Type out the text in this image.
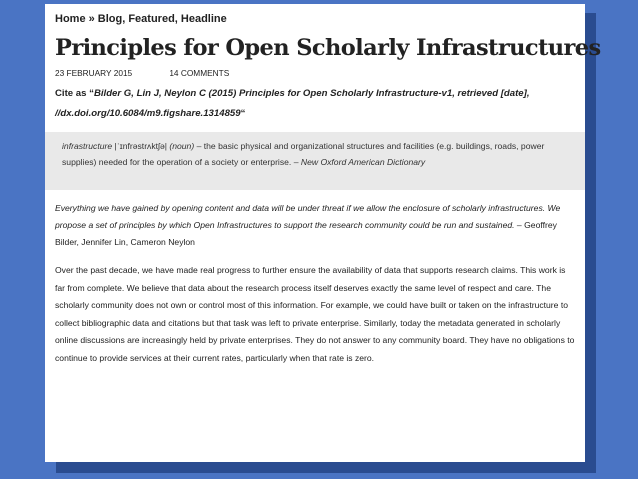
Home » Blog, Featured, Headline
Principles for Open Scholarly Infrastructures
23 FEBRUARY 2015	14 COMMENTS
Cite as “Bilder G, Lin J, Neylon C (2015) Principles for Open Scholarly Infrastructure-v1, retrieved [date], //dx.doi.org/10.6084/m9.figshare.1314859“
infrastructure |ˈɪnfrəstrʌktʃə| (noun) – the basic physical and organizational structures and facilities (e.g. buildings, roads, power supplies) needed for the operation of a society or enterprise. – New Oxford American Dictionary
Everything we have gained by opening content and data will be under threat if we allow the enclosure of scholarly infrastructures. We propose a set of principles by which Open Infrastructures to support the research community could be run and sustained. – Geoffrey Bilder, Jennifer Lin, Cameron Neylon
Over the past decade, we have made real progress to further ensure the availability of data that supports research claims. This work is far from complete. We believe that data about the research process itself deserves exactly the same level of respect and care. The scholarly community does not own or control most of this information. For example, we could have built or taken on the infrastructure to collect bibliographic data and citations but that task was left to private enterprise. Similarly, today the metadata generated in scholarly online discussions are increasingly held by private enterprises. They do not answer to any community board. They have no obligations to continue to provide services at their current rates, particularly when that rate is zero.
